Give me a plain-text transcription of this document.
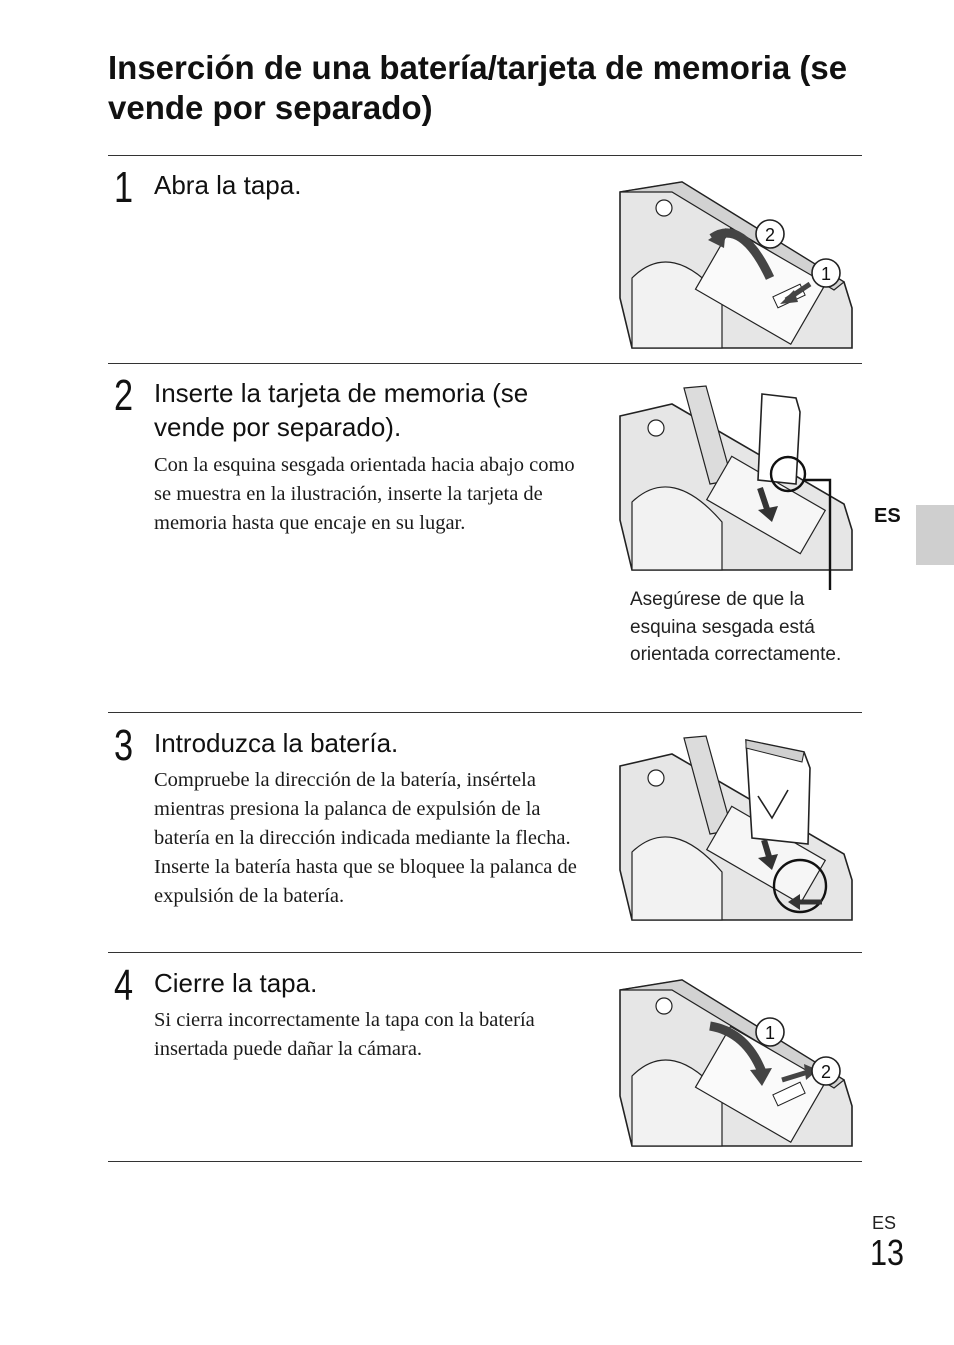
Inserción de una batería/tarjeta de memoria (se vende por separado)
1 Abra la tapa.
2
1
2 Inserte la tarjeta de memoria (se vende por separado).
Con la esquina sesgada orientada hacia abajo como se muestra en la ilustración, inserte la tarjeta de memoria hasta que encaje en su lugar.
Asegúrese de que la esquina sesgada está orientada correctamente.
3 Introduzca la batería.
Compruebe la dirección de la batería, insértela mientras presiona la palanca de expulsión de la batería en la dirección indicada mediante la flecha. Inserte la batería hasta que se bloquee la palanca de expulsión de la batería.
4 Cierre la tapa.
Si cierra incorrectamente la tapa con la batería insertada puede dañar la cámara.
1
2
ES
ES
13
